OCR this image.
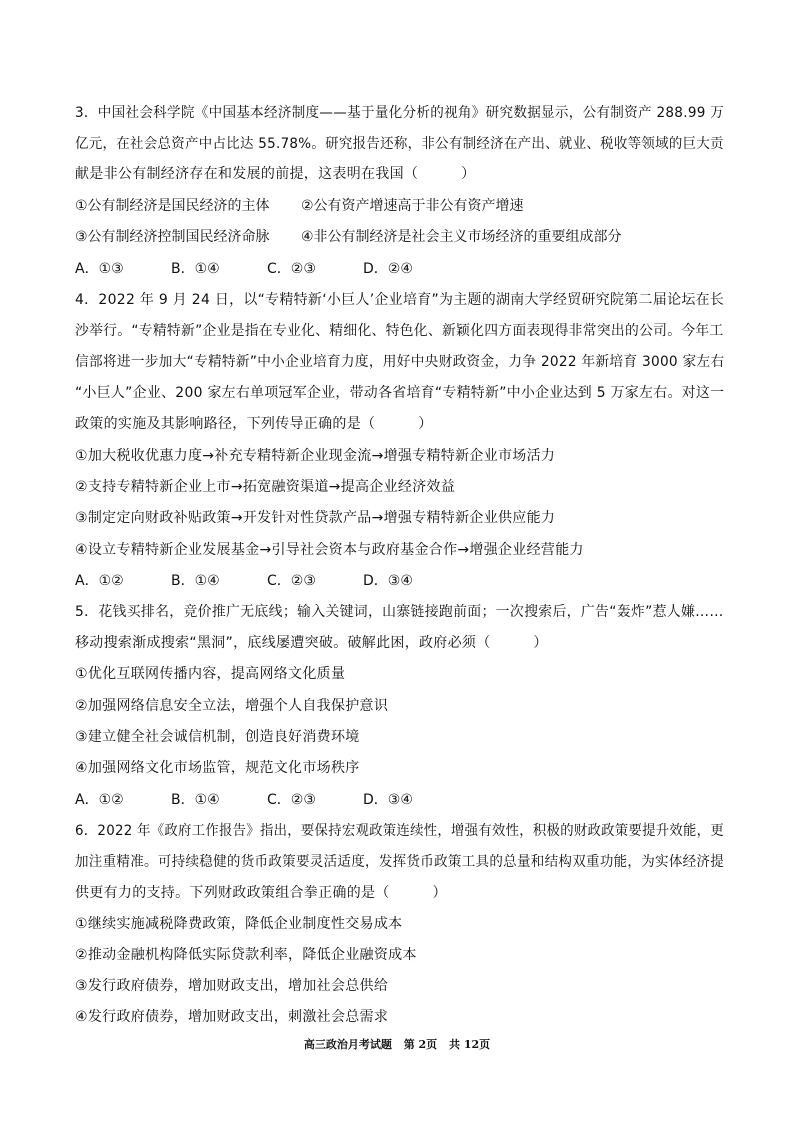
3．中国社会科学院《中国基本经济制度——基于量化分析的视角》研究数据显示，公有制资产 288.99 万
亿元，在社会总资产中占比达 55.78%。研究报告还称，非公有制经济在产出、就业、税收等领域的巨大贡
献是非公有制经济存在和发展的前提，这表明在我国（　　　）
①公有制经济是国民经济的主体 ②公有资产增速高于非公有资产增速
③公有制经济控制国民经济命脉 ④非公有制经济是社会主义市场经济的重要组成部分
A．①③	B．①④	C．②③	D．②④
4．2022 年 9 月 24 日，以“专精特新‘小巨人’企业培育”为主题的湖南大学经贸研究院第二届论坛在长
沙举行。“专精特新”企业是指在专业化、精细化、特色化、新颖化四方面表现得非常突出的公司。今年工
信部将进一步加大“专精特新”中小企业培育力度，用好中央财政资金，力争 2022 年新培育 3000 家左右
“小巨人”企业、200 家左右单项冠军企业，带动各省培育“专精特新”中小企业达到 5 万家左右。对这一
政策的实施及其影响路径，下列传导正确的是（　　　）
①加大税收优惠力度→补充专精特新企业现金流→增强专精特新企业市场活力
②支持专精特新企业上市→拓宽融资渠道→提高企业经济效益
③制定定向财政补贴政策→开发针对性贷款产品→增强专精特新企业供应能力
④设立专精特新企业发展基金→引导社会资本与政府基金合作→增强企业经营能力
A．①②	B．①④	C．②③	D．③④
5．花钱买排名，竞价推广无底线；输入关键词，山寨链接跑前面；一次搜索后，广告“轰炸”惹人嫌……
移动搜索渐成搜索“黑洞”，底线屡遭突破。破解此困，政府必须（　　　）
①优化互联网传播内容，提高网络文化质量
②加强网络信息安全立法，增强个人自我保护意识
③建立健全社会诚信机制，创造良好消费环境
④加强网络文化市场监管，规范文化市场秩序
A．①②	B．①④	C．②③	D．③④
6．2022 年《政府工作报告》指出，要保持宏观政策连续性，增强有效性，积极的财政政策要提升效能，更
加注重精准。可持续稳健的货币政策要灵活适度，发挥货币政策工具的总量和结构双重功能，为实体经济提
供更有力的支持。下列财政政策组合拳正确的是（　　　）
①继续实施减税降费政策，降低企业制度性交易成本
②推动金融机构降低实际贷款利率，降低企业融资成本
③发行政府债券，增加财政支出，增加社会总供给
④发行政府债券，增加财政支出，刺激社会总需求
高三政治月考试题 第 2页 共 12页
